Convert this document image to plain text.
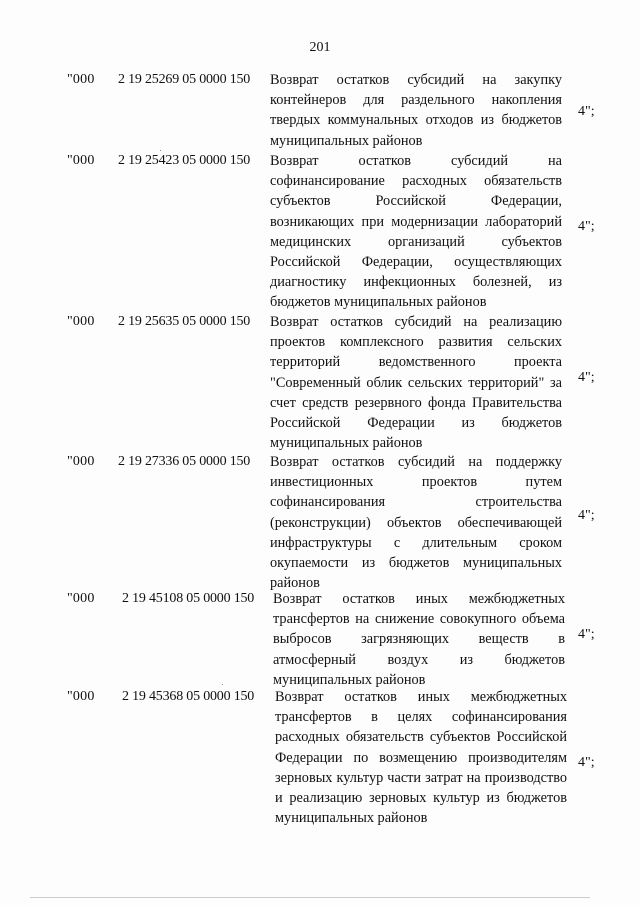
201
"000 2 19 25269 05 0000 150 Возврат остатков субсидий на закупку контейнеров для раздельного накопления твердых коммунальных отходов из бюджетов муниципальных районов
4";
"000 2 19 25423 05 0000 150 Возврат остатков субсидий на софинансирование расходных обязательств субъектов Российской Федерации, возникающих при модернизации лабораторий медицинских организаций субъектов Российской Федерации, осуществляющих диагностику инфекционных болезней, из бюджетов муниципальных районов
4";
"000 2 19 25635 05 0000 150 Возврат остатков субсидий на реализацию проектов комплексного развития сельских территорий ведомственного проекта "Современный облик сельских территорий" за счет средств резервного фонда Правительства Российской Федерации из бюджетов муниципальных районов
4";
"000 2 19 27336 05 0000 150 Возврат остатков субсидий на поддержку инвестиционных проектов путем софинансирования строительства (реконструкции) объектов обеспечивающей инфраструктуры с длительным сроком окупаемости из бюджетов муниципальных районов
4";
"000 2 19 45108 05 0000 150 Возврат остатков иных межбюджетных трансфертов на снижение совокупного объема выбросов загрязняющих веществ в атмосферный воздух из бюджетов муниципальных районов
4";
"000 2 19 45368 05 0000 150 Возврат остатков иных межбюджетных трансфертов в целях софинансирования расходных обязательств субъектов Российской Федерации по возмещению производителям зерновых культур части затрат на производство и реализацию зерновых культур из бюджетов муниципальных районов
4";
